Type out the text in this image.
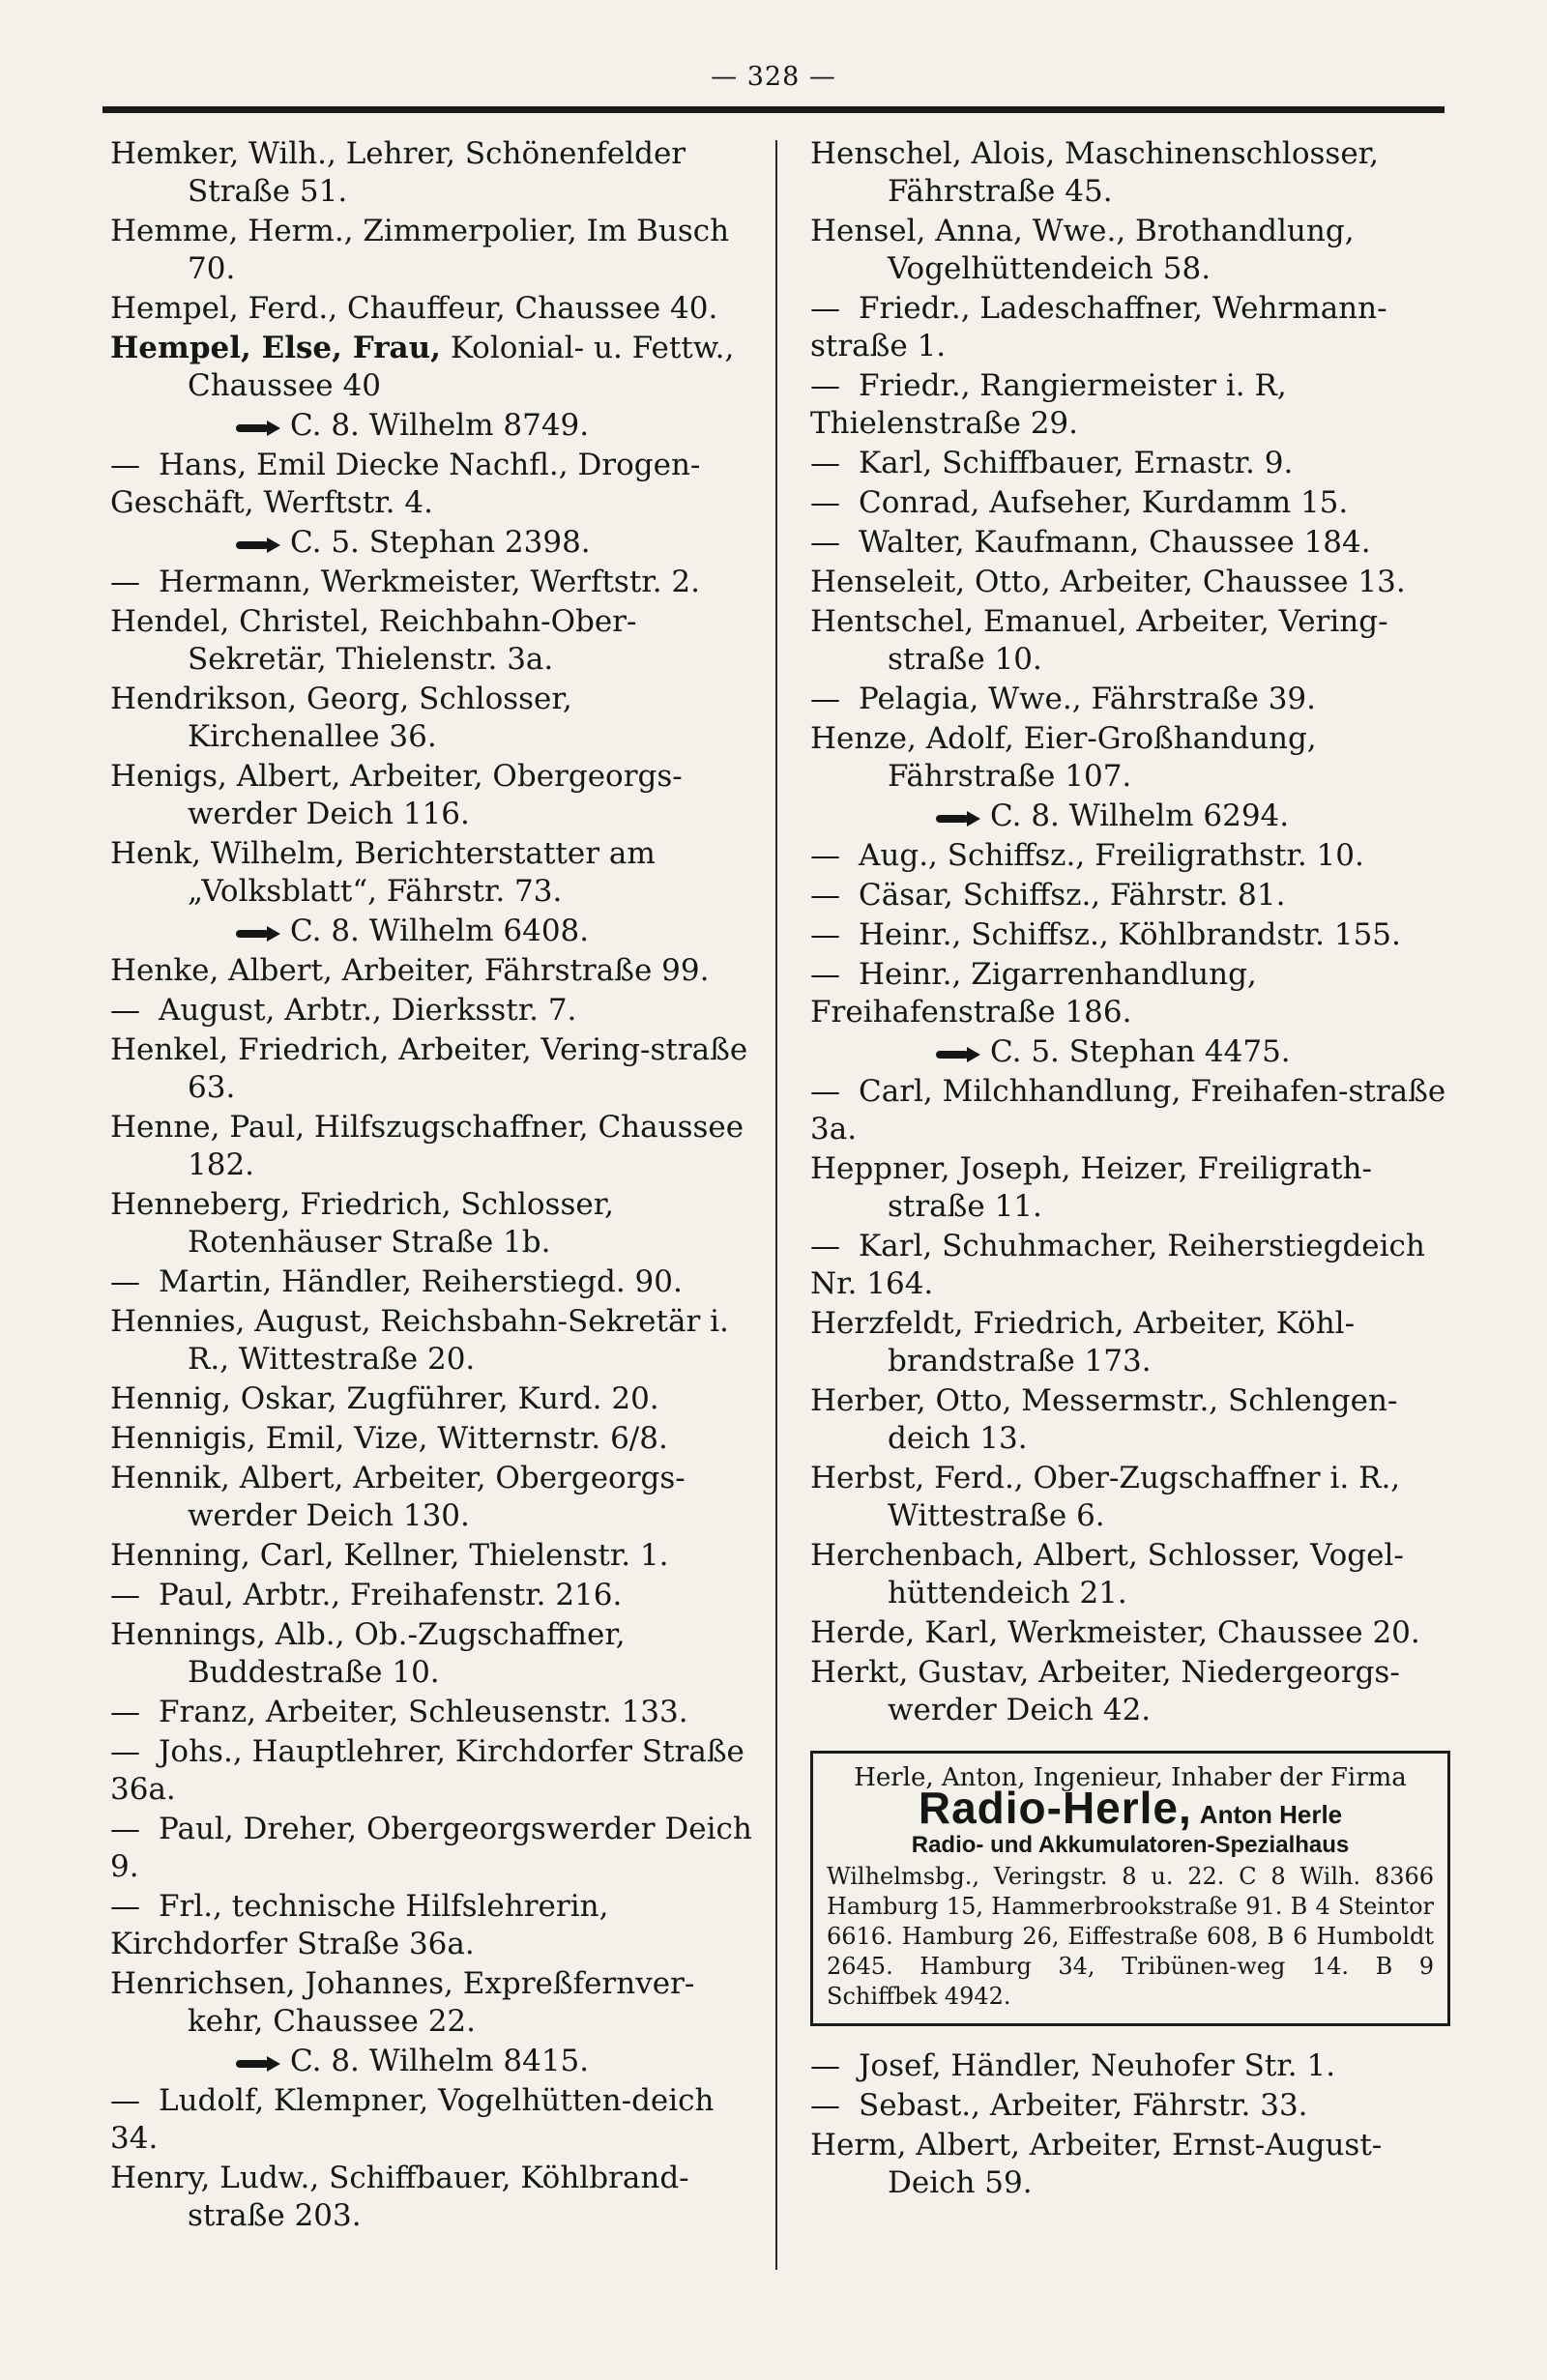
— 328 —
Hemker, Wilh., Lehrer, Schönenfelder Straße 51.
Hemme, Herm., Zimmerpolier, Im Busch 70.
Hempel, Ferd., Chauffeur, Chaussee 40.
Hempel, Else, Frau, Kolonial- u. Fettw., Chaussee 40
C. 8. Wilhelm 8749.
— Hans, Emil Diecke Nachfl., Drogen-Geschäft, Werftstr. 4.
C. 5. Stephan 2398.
— Hermann, Werkmeister, Werftstr. 2.
Hendel, Christel, Reichbahn-Ober-Sekretär, Thielenstr. 3a.
Hendrikson, Georg, Schlosser, Kirchenallee 36.
Henigs, Albert, Arbeiter, Obergeorgs-werder Deich 116.
Henk, Wilhelm, Berichterstatter am „Volksblatt“, Fährstr. 73.
C. 8. Wilhelm 6408.
Henke, Albert, Arbeiter, Fährstraße 99.
— August, Arbtr., Dierksstr. 7.
Henkel, Friedrich, Arbeiter, Vering-straße 63.
Henne, Paul, Hilfszugschaffner, Chaussee 182.
Henneberg, Friedrich, Schlosser, Rotenhäuser Straße 1b.
— Martin, Händler, Reiherstiegd. 90.
Hennies, August, Reichsbahn-Sekretär i. R., Wittestraße 20.
Hennig, Oskar, Zugführer, Kurd. 20.
Hennigis, Emil, Vize, Witternstr. 6/8.
Hennik, Albert, Arbeiter, Obergeorgs-werder Deich 130.
Henning, Carl, Kellner, Thielenstr. 1.
— Paul, Arbtr., Freihafenstr. 216.
Hennings, Alb., Ob.-Zugschaffner, Buddestraße 10.
— Franz, Arbeiter, Schleusenstr. 133.
— Johs., Hauptlehrer, Kirchdorfer Straße 36a.
— Paul, Dreher, Obergeorgswerder Deich 9.
— Frl., technische Hilfslehrerin, Kirchdorfer Straße 36a.
Henrichsen, Johannes, Expreßfernver-kehr, Chaussee 22.
C. 8. Wilhelm 8415.
— Ludolf, Klempner, Vogelhütten-deich 34.
Henry, Ludw., Schiffbauer, Köhlbrand-straße 203.
Henschel, Alois, Maschinenschlosser, Fährstraße 45.
Hensel, Anna, Wwe., Brothandlung, Vogelhüttendeich 58.
— Friedr., Ladeschaffner, Wehrmann-straße 1.
— Friedr., Rangiermeister i. R, Thielenstraße 29.
— Karl, Schiffbauer, Ernastr. 9.
— Conrad, Aufseher, Kurdamm 15.
— Walter, Kaufmann, Chaussee 184.
Henseleit, Otto, Arbeiter, Chaussee 13.
Hentschel, Emanuel, Arbeiter, Vering-straße 10.
— Pelagia, Wwe., Fährstraße 39.
Henze, Adolf, Eier-Großhandung, Fährstraße 107.
C. 8. Wilhelm 6294.
— Aug., Schiffsz., Freiligrathstr. 10.
— Cäsar, Schiffsz., Fährstr. 81.
— Heinr., Schiffsz., Köhlbrandstr. 155.
— Heinr., Zigarrenhandlung, Freihafenstraße 186.
C. 5. Stephan 4475.
— Carl, Milchhandlung, Freihafen-straße 3a.
Heppner, Joseph, Heizer, Freiligrath-straße 11.
— Karl, Schuhmacher, Reiherstiegdeich Nr. 164.
Herzfeldt, Friedrich, Arbeiter, Köhl-brandstraße 173.
Herber, Otto, Messermstr., Schlengen-deich 13.
Herbst, Ferd., Ober-Zugschaffner i. R., Wittestraße 6.
Herchenbach, Albert, Schlosser, Vogel-hüttendeich 21.
Herde, Karl, Werkmeister, Chaussee 20.
Herkt, Gustav, Arbeiter, Niedergeorgs-werder Deich 42.
Herle, Anton, Ingenieur, Inhaber der Firma
Radio-Herle, Anton Herle
Radio- und Akkumulatoren-Spezialhaus
Wilhelmsbg., Veringstr. 8 u. 22. C 8 Wilh. 8366 Hamburg 15, Hammerbrookstraße 91. B 4 Steintor 6616. Hamburg 26, Eiffestraße 608, B 6 Humboldt 2645. Hamburg 34, Tribünen-weg 14. B 9 Schiffbek 4942.
— Josef, Händler, Neuhofer Str. 1.
— Sebast., Arbeiter, Fährstr. 33.
Herm, Albert, Arbeiter, Ernst-August-Deich 59.
